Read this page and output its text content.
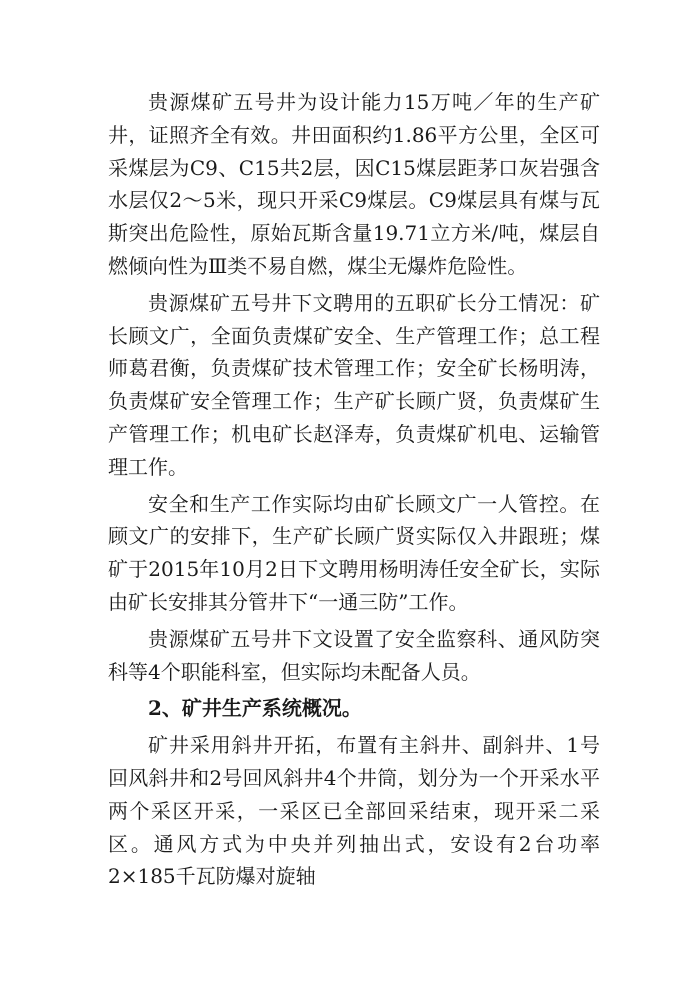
贵源煤矿五号井为设计能力15万吨／年的生产矿井，证照齐全有效。井田面积约1.86平方公里，全区可采煤层为C9、C15共2层，因C15煤层距茅口灰岩强含水层仅2～5米，现只开采C9煤层。C9煤层具有煤与瓦斯突出危险性，原始瓦斯含量19.71立方米/吨，煤层自燃倾向性为Ⅲ类不易自燃，煤尘无爆炸危险性。

贵源煤矿五号井下文聘用的五职矿长分工情况：矿长顾文广，全面负责煤矿安全、生产管理工作；总工程师葛君衡，负责煤矿技术管理工作；安全矿长杨明涛，负责煤矿安全管理工作；生产矿长顾广贤，负责煤矿生产管理工作；机电矿长赵泽寿，负责煤矿机电、运输管理工作。

安全和生产工作实际均由矿长顾文广一人管控。在顾文广的安排下，生产矿长顾广贤实际仅入井跟班；煤矿于2015年10月2日下文聘用杨明涛任安全矿长，实际由矿长安排其分管井下“一通三防”工作。

贵源煤矿五号井下文设置了安全监察科、通风防突科等4个职能科室，但实际均未配备人员。

2、矿井生产系统概况。

矿井采用斜井开拓，布置有主斜井、副斜井、1号回风斜井和2号回风斜井4个井筒，划分为一个开采水平两个采区开采，一采区已全部回采结束，现开采二采区。通风方式为中央并列抽出式，安设有2台功率2×185千瓦防爆对旋轴
